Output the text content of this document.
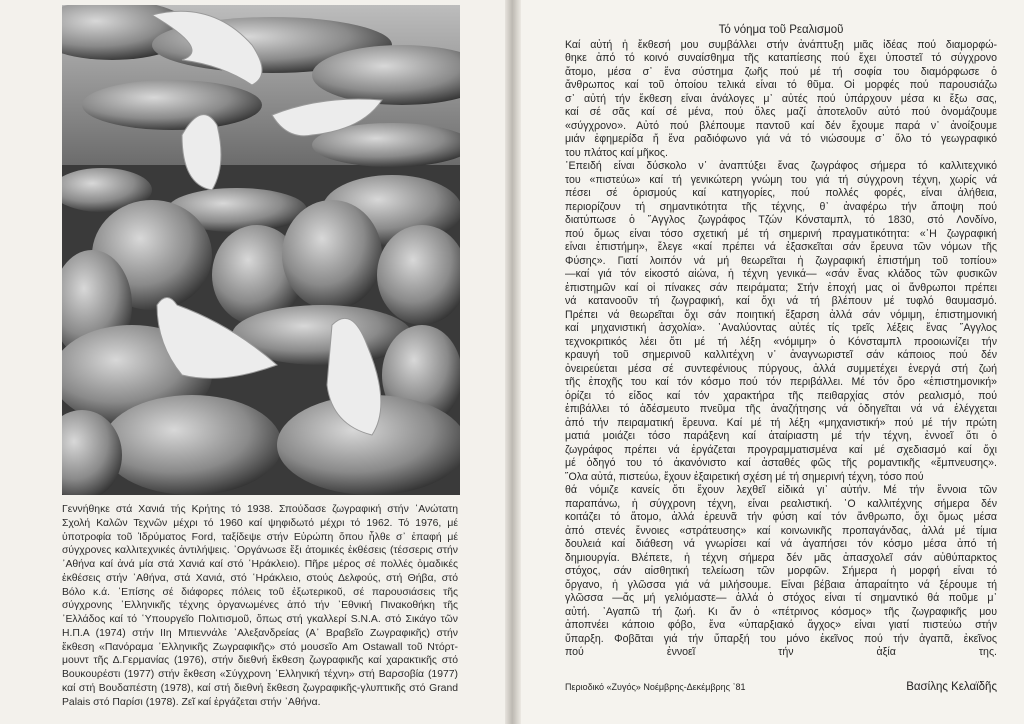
Γεννήθηκε στά Χανιά τής Κρήτης τό 1938. Σπούδασε ζωγραφική στήν ᾿Ανώτατη
Σχολή Καλῶν Τεχνῶν μέχρι τό 1960 καί ψηφιδωτό μέχρι τό 1962. Τό 1976, μέ
ὑποτροφία τοῦ Ἱδρύματος Ford, ταξίδεψε στήν Εὐρώπη ὅπου ἦλθε σ᾿ ἐπαφή μέ
σύγχρονες καλλιτεχνικές ἀντιλήψεις. ᾿Οργάνωσε ἕξι ἀτομικές ἐκθέσεις (τέσσερις στήν
᾿Αθήνα καί ἀνά μία στά Χανιά καί στό ῾Ηράκλειο). Πῆρε μέρος σέ πολλές ὁμαδικές
ἐκθέσεις στήν ᾿Αθήνα, στά Χανιά, στό ῾Ηράκλειο, στούς Δελφούς, στή Θήβα, στό
Βόλο κ.ά. ᾿Επίσης σέ διάφορες πόλεις τοῦ ἐξωτερικοῦ, σέ παρουσιάσεις τῆς
σύγχρονης ᾿Ελληνικῆς τέχνης ὀργανωμένες ἀπό τήν ᾿Εθνική Πινακοθήκη τῆς
᾿Ελλάδος καί τό ῾Υπουργεῖο Πολιτισμοῦ, ὅπως στή γκαλλερί S.N.A. στό Σικάγο τῶν
Η.Π.Α (1974) στήν IIη Μπιεννάλε ᾿Αλεξανδρείας (Α᾿ Βραβεῖο Ζωγραφικῆς) στήν
ἔκθεση «Πανόραμα ᾿Ελληνικῆς Ζωγραφικῆς» στό μουσεῖο Am Ostawall τοῦ Ντόρτ-
μουντ τῆς Δ.Γερμανίας (1976), στήν διεθνή ἔκθεση ζωγραφικῆς καί χαρακτικῆς στό
Βουκουρέστι (1977) στήν ἔκθεση «Σύγχρονη ᾿Ελληνική τέχνη» στή Βαρσοβία (1977)
καί στή Βουδαπέστη (1978), καί στή διεθνή ἔκθεση ζωγραφικῆς-γλυπτικῆς στό Grand
Palais στό Παρίσι (1978). Ζεῖ καί ἐργάζεται στήν ᾿Αθήνα.
Τό νόημα τοῦ Ρεαλισμοῦ
Καί αὐτή ἡ ἔκθεσή μου συμβάλλει στήν ἀνάπτυξη μιᾶς ἰδέας πού διαμορφώ-
θηκε ἀπό τό κοινό συναίσθημα τῆς καταπίεσης πού ἔχει ὑποστεῖ τό σύγχρονο
ἄτομο, μέσα σ᾿ ἕνα σύστημα ζωῆς πού μέ τή σοφία του διαμόρφωσε ὁ
ἄνθρωπος καί τοῦ ὁποίου τελικά εἶναι τό θῦμα. Οἱ μορφές πού παρουσιάζω
σ᾿ αὐτή τήν ἔκθεση εἶναι ἀνάλογες μ᾿ αὐτές πού ὑπάρχουν μέσα κι ἔξω σας,
καί σέ σᾶς καί σέ μένα, πού ὅλες μαζί ἀποτελοῦν αὐτό πού ὀνομάζουμε
«σύγχρονο». Αὐτό πού βλέπουμε παντοῦ καί δέν ἔχουμε παρά ν᾿ ἀνοίξουμε
μιάν ἐφημερίδα ἤ ἕνα ραδιόφωνο γιά νά τό νιώσουμε σ᾿ ὅλο τό γεωγραφικό
του πλάτος καί μῆκος.
᾿Επειδή εἶναι δύσκολο ν᾿ ἀναπτύξει ἕνας ζωγράφος σήμερα τό καλλιτεχνικό
του «πιστεύω» καί τή γενικώτερη γνώμη του γιά τή σύγχρονη τέχνη, χωρίς νά
πέσει σέ ὁρισμούς καί κατηγορίες, πού πολλές φορές, εἶναι ἀλήθεια,
περιορίζουν τή σημαντικότητα τῆς τέχνης, θ᾿ ἀναφέρω τήν ἄποψη πού
διατύπωσε ὁ ῎Αγγλος ζωγράφος Τζών Κόνσταμπλ, τό 1830, στό Λονδίνο,
πού ὅμως εἶναι τόσο σχετική μέ τή σημερινή πραγματικότητα: «῾Η ζωγραφική
εἶναι ἐπιστήμη», ἔλεγε «καί πρέπει νά ἐξασκεῖται σάν ἔρευνα τῶν νόμων τῆς
Φύσης». Γιατί λοιπόν νά μή θεωρεῖται ἡ ζωγραφική ἐπιστήμη τοῦ τοπίου»
—καί γιά τόν εἰκοστό αἰώνα, ἡ τέχνη γενικά— «σάν ἕνας κλάδος τῶν φυσικῶν
ἐπιστημῶν καί οἱ πίνακες σάν πειράματα; Στήν ἐποχή μας οἱ ἄνθρωποι πρέπει
νά κατανοοῦν τή ζωγραφική, καί ὄχι νά τή βλέπουν μέ τυφλό θαυμασμό.
Πρέπει νά θεωρεῖται ὄχι σάν ποιητική ἔξαρση ἀλλά σάν νόμιμη, ἐπιστημονική
καί μηχανιστική ἀσχολία». ᾿Αναλύοντας αὐτές τίς τρεῖς λέξεις ἕνας ῎Αγγλος
τεχνοκριτικός λέει ὅτι μέ τή λέξη «νόμιμη» ὁ Κόνσταμπλ προοιωνίζει τήν
κραυγή τοῦ σημερινοῦ καλλιτέχνη ν᾿ ἀναγνωριστεῖ σάν κάποιος πού δέν
ὀνειρεύεται μέσα σέ συντεφένιους πύργους, ἀλλά συμμετέχει ἐνεργά στή ζωή
τῆς ἐποχῆς του καί τόν κόσμο πού τόν περιβάλλει. Μέ τόν ὅρο «ἐπιστημονική»
ὁρίζει τό εἶδος καί τόν χαρακτήρα τῆς πειθαρχίας στόν ρεαλισμό, πού
ἐπιβάλλει τό ἀδέσμευτο πνεῦμα τῆς ἀναζήτησης νά ὁδηγεῖται νά νά ἐλέγχεται
ἀπό τήν πειραματική ἔρευνα. Καί μέ τή λέξη «μηχανιστική» πού μέ τήν πρώτη
ματιά μοιάζει τόσο παράξενη καί ἀταίριαστη μέ τήν τέχνη, ἐννοεῖ ὅτι ὁ
ζωγράφος πρέπει νά ἐργάζεται προγραμματισμένα καί μέ σχεδιασμό καί ὄχι
μέ ὁδηγό του τό ἀκανόνιστο καί ἀσταθές φῶς τῆς ρομαντικῆς «ἔμπνευσης».
῞Ολα αὐτά, πιστεύω, ἔχουν ἐξαιρετική σχέση μέ τή σημερινή τέχνη, τόσο πού
θά νόμιζε κανείς ὅτι ἔχουν λεχθεῖ εἰδικά γι᾿ αὐτήν. Μέ τήν ἔννοια τῶν
παραπάνω, ἡ σύγχρονη τέχνη, εἶναι ρεαλιστική. ῾Ο καλλιτέχνης σήμερα δέν
κοιτάζει τό ἄτομο, ἀλλά ἐρευνᾶ τήν φύση καί τόν ἄνθρωπο, ὄχι ὅμως μέσα
ἀπό στενές ἔννοιες «στράτευσης» καί κοινωνικῆς προπαγάνδας, ἀλλά μέ τίμια
δουλειά καί διάθεση νά γνωρίσει καί νά ἀγαπήσει τόν κόσμο μέσα ἀπό τή
δημιουργία. Βλέπετε, ἡ τέχνη σήμερα δέν μᾶς ἀπασχολεῖ σάν αὐθύπαρκτος
στόχος, σάν αἰσθητική τελείωση τῶν μορφῶν. Σήμερα ἡ μορφή εἶναι τό
ὄργανο, ἡ γλῶσσα γιά νά μιλήσουμε. Εἶναι βέβαια ἀπαραίτητο νά ξέρουμε τή
γλῶσσα —ἄς μή γελιόμαστε— ἀλλά ὁ στόχος εἶναι τί σημαντικό θά ποῦμε μ᾿
αὐτή. ᾿Αγαπῶ τή ζωή. Κι ἄν ὁ «πέτρινος κόσμος» τῆς ζωγραφικῆς μου
ἀποπνέει κάποιο φόβο, ἕνα «ὑπαρξιακό ἄγχος» εἶναι γιατί πιστεύω στήν
ὕπαρξη. Φοβᾶται γιά τήν ὕπαρξή του μόνο ἐκεῖνος πού τήν ἀγαπᾶ, ἐκεῖνος
πού ἐννοεῖ τήν ἀξία της.
Περιοδικό «Ζυγός» Νοέμβρης-Δεκέμβρης ᾿81	Βασίλης Κελαϊδῆς
